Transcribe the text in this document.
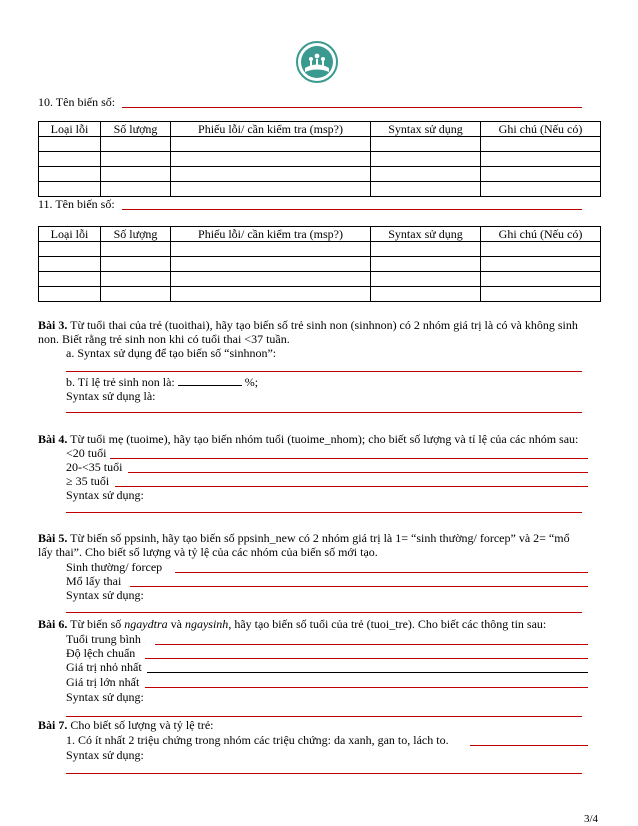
10. Tên biến số:
Loại lỗi	Số lượng	Phiếu lỗi/ cần kiểm tra (msp?)	Syntax sử dụng	Ghi chú (Nếu có)

11. Tên biến số:
Loại lỗi	Số lượng	Phiếu lỗi/ cần kiểm tra (msp?)	Syntax sử dụng	Ghi chú (Nếu có)

Bài 3. Từ tuổi thai của trẻ (tuoithai), hãy tạo biến số trẻ sinh non (sinhnon) có 2 nhóm giá trị là có và không sinh
non. Biết rằng trẻ sinh non khi có tuổi thai <37 tuần.
a. Syntax sử dụng để tạo biến số “sinhnon”:
b. Tỉ lệ trẻ sinh non là:	%;
Syntax sử dụng là:
Bài 4. Từ tuổi mẹ (tuoime), hãy tạo biến nhóm tuổi (tuoime_nhom); cho biết số lượng và tỉ lệ của các nhóm sau:
<20 tuổi
20-<35 tuổi
≥ 35 tuổi
Syntax sử dụng:
Bài 5. Từ biến số ppsinh, hãy tạo biến số ppsinh_new có 2 nhóm giá trị là 1= “sinh thường/ forcep” và 2= “mổ
lấy thai”. Cho biết số lượng và tỷ lệ của các nhóm của biến số mới tạo.
Sinh thường/ forcep
Mổ lấy thai
Syntax sử dụng:
Bài 6. Từ biến số ngaydtra và ngaysinh, hãy tạo biến số tuổi của trẻ (tuoi_tre). Cho biết các thông tin sau:
Tuổi trung bình
Độ lệch chuẩn
Giá trị nhỏ nhất
Giá trị lớn nhất
Syntax sử dụng:
Bài 7. Cho biết số lượng và tỷ lệ trẻ:
1. Có ít nhất 2 triệu chứng trong nhóm các triệu chứng: da xanh, gan to, lách to.
Syntax sử dụng:
3/4
